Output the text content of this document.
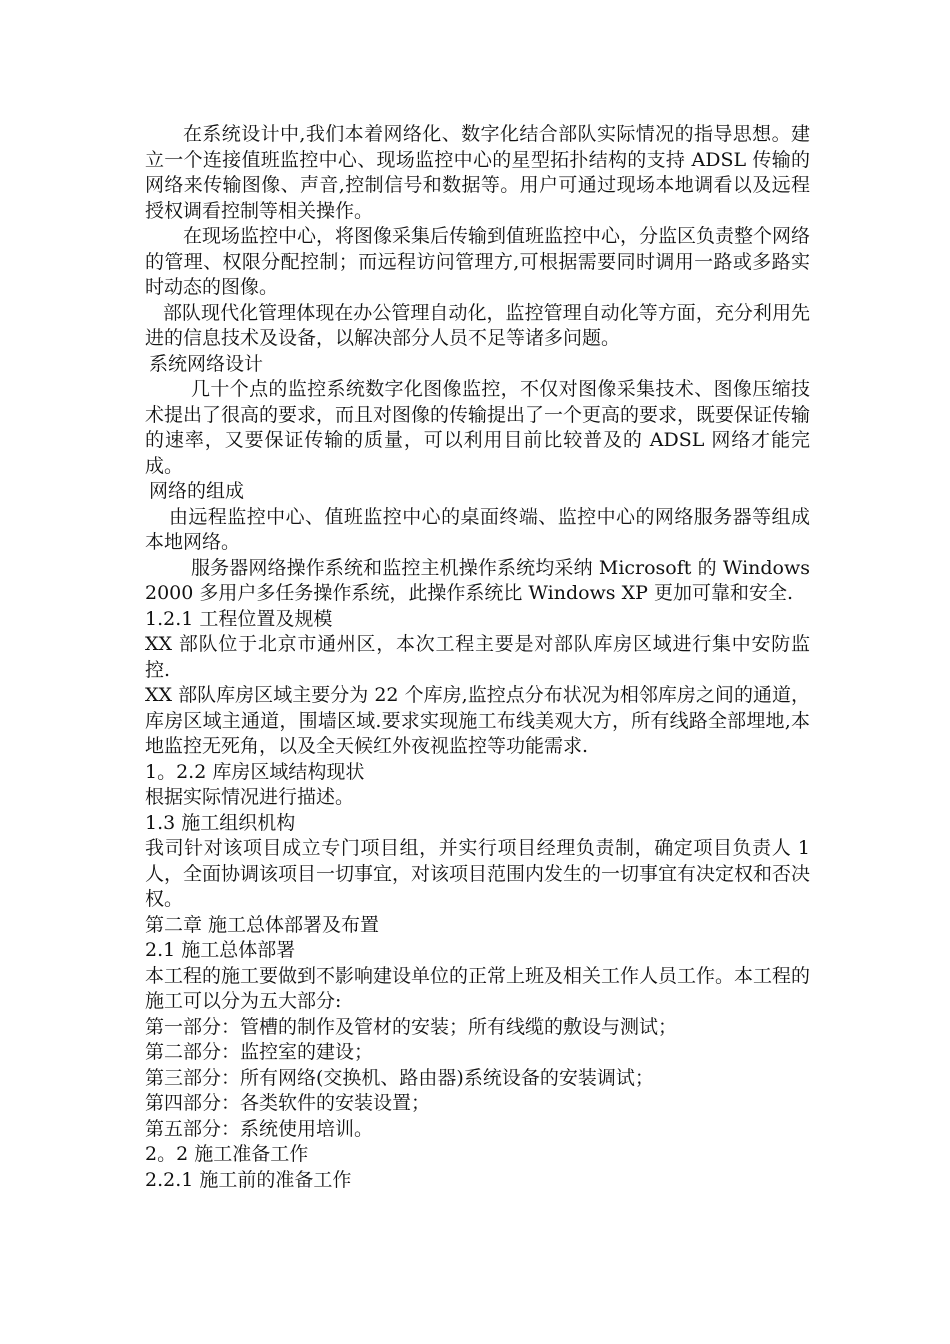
在系统设计中,我们本着网络化、数字化结合部队实际情况的指导思想。建立一个连接值班监控中心、现场监控中心的星型拓扑结构的支持 ADSL 传输的网络来传输图像、声音,控制信号和数据等。用户可通过现场本地调看以及远程授权调看控制等相关操作。

在现场监控中心，将图像采集后传输到值班监控中心，分监区负责整个网络的管理、权限分配控制；而远程访问管理方,可根据需要同时调用一路或多路实时动态的图像。

部队现代化管理体现在办公管理自动化，监控管理自动化等方面，充分利用先进的信息技术及设备，以解决部分人员不足等诸多问题。

系统网络设计

几十个点的监控系统数字化图像监控，不仅对图像采集技术、图像压缩技术提出了很高的要求，而且对图像的传输提出了一个更高的要求，既要保证传输的速率，又要保证传输的质量，可以利用目前比较普及的 ADSL 网络才能完成。

网络的组成

由远程监控中心、值班监控中心的桌面终端、监控中心的网络服务器等组成本地网络。

服务器网络操作系统和监控主机操作系统均采纳 Microsoft 的 Windows 2000 多用户多任务操作系统，此操作系统比 Windows XP 更加可靠和安全.

1.2.1 工程位置及规模

XX 部队位于北京市通州区，本次工程主要是对部队库房区域进行集中安防监控.

XX 部队库房区域主要分为 22 个库房,监控点分布状况为相邻库房之间的通道，库房区域主通道，围墙区域.要求实现施工布线美观大方，所有线路全部埋地,本地监控无死角，以及全天候红外夜视监控等功能需求.

1。2.2 库房区域结构现状

根据实际情况进行描述。

1.3 施工组织机构

我司针对该项目成立专门项目组，并实行项目经理负责制，确定项目负责人 1 人，全面协调该项目一切事宜，对该项目范围内发生的一切事宜有决定权和否决权。

第二章 施工总体部署及布置

2.1 施工总体部署

本工程的施工要做到不影响建设单位的正常上班及相关工作人员工作。本工程的施工可以分为五大部分:

第一部分：管槽的制作及管材的安装；所有线缆的敷设与测试；

第二部分：监控室的建设；

第三部分：所有网络(交换机、路由器)系统设备的安装调试；

第四部分：各类软件的安装设置；

第五部分：系统使用培训。

2。2 施工准备工作

2.2.1 施工前的准备工作
